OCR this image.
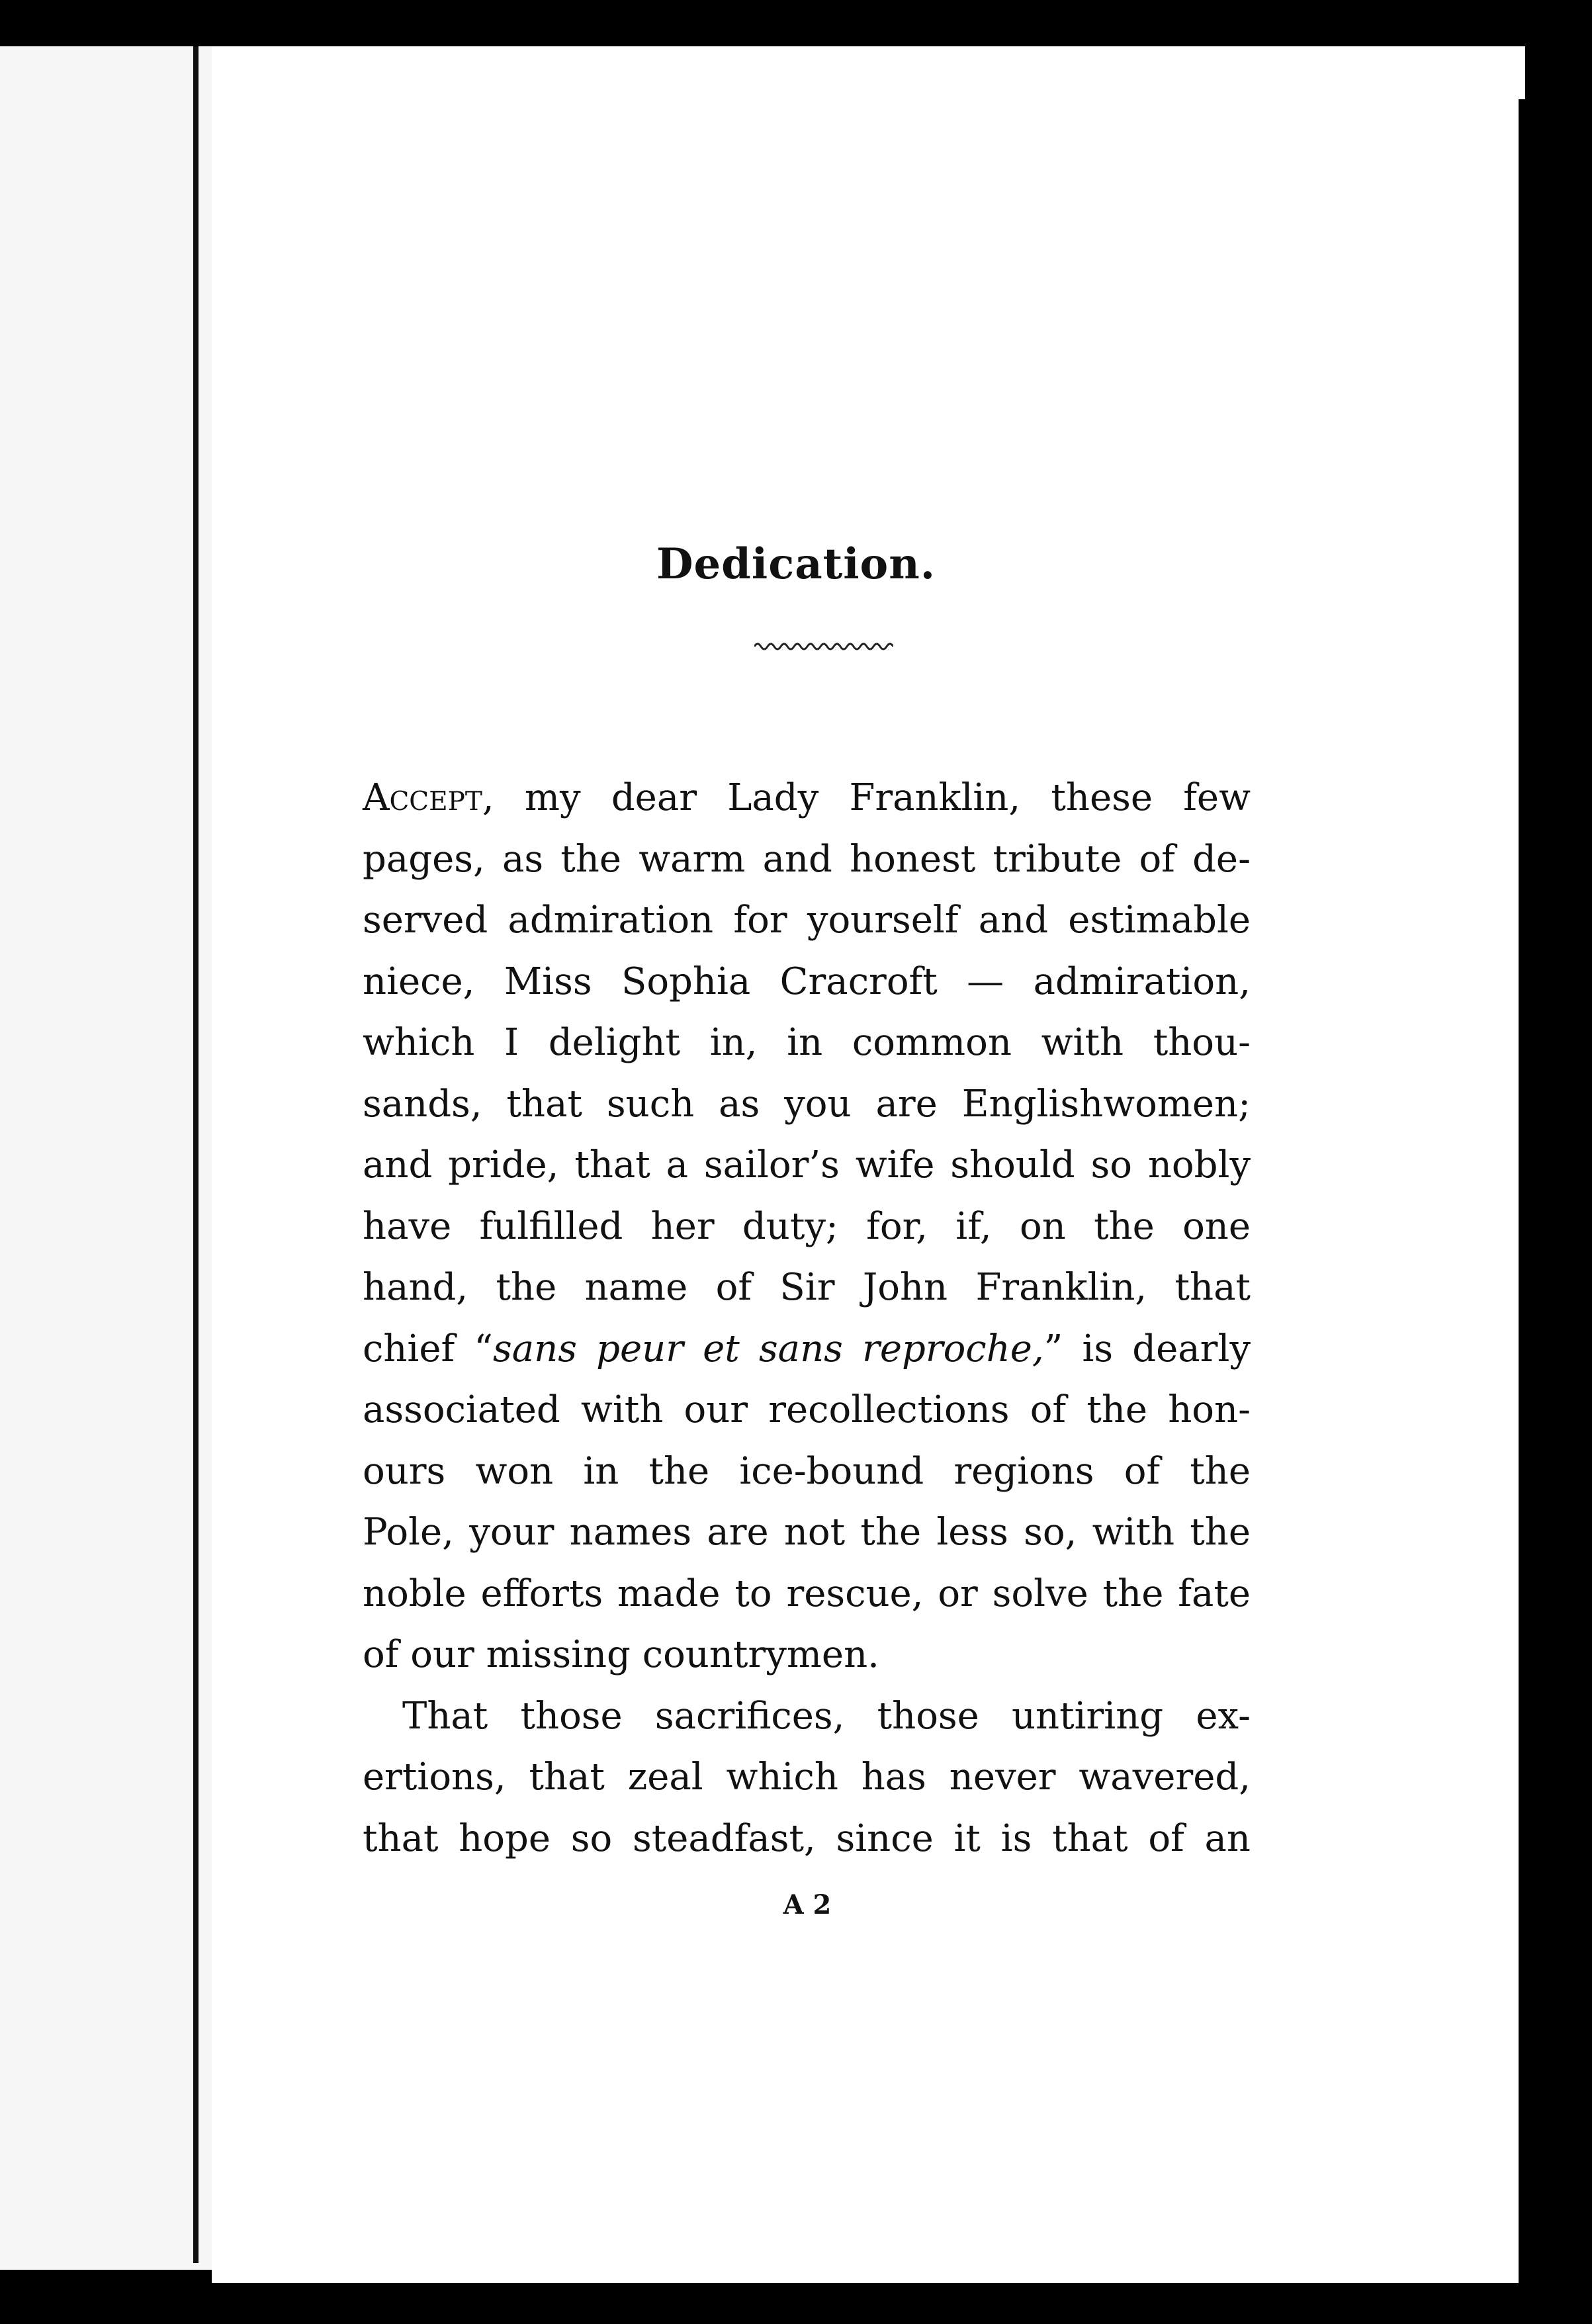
Dedication.
Accept, my dear Lady Franklin, these few
pages, as the warm and honest tribute of de-
served admiration for yourself and estimable
niece, Miss Sophia Cracroft — admiration,
which I delight in, in common with thou-
sands, that such as you are Englishwomen;
and pride, that a sailor’s wife should so nobly
have fulfilled her duty; for, if, on the one
hand, the name of Sir John Franklin, that
chief “sans peur et sans reproche,” is dearly
associated with our recollections of the hon-
ours won in the ice-bound regions of the
Pole, your names are not the less so, with the
noble efforts made to rescue, or solve the fate
of our missing countrymen.
That those sacrifices, those untiring ex-
ertions, that zeal which has never wavered,
that hope so steadfast, since it is that of an
A 2
